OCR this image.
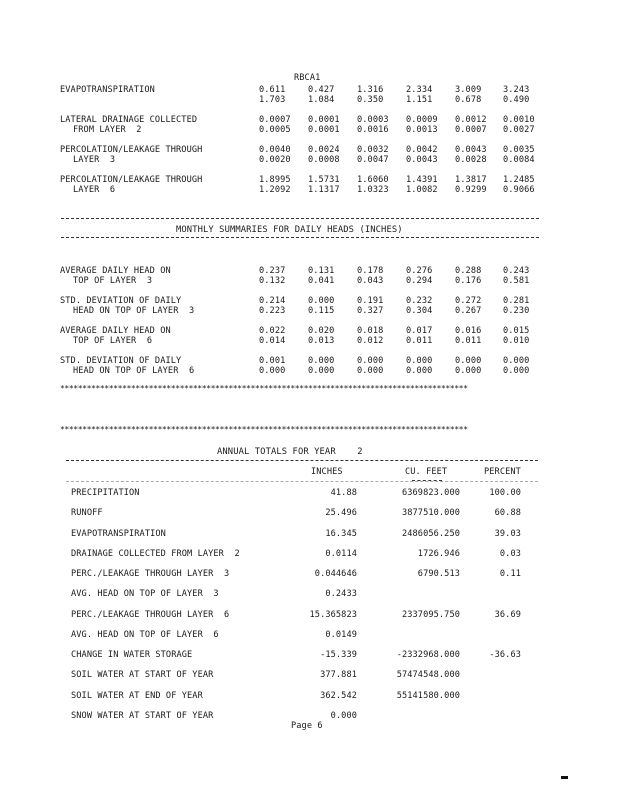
RBCA1
EVAPOTRANSPIRATION	0.611	0.427	1.316	2.334	3.009	3.243
1.703	1.084	0.350	1.151	0.678	0.490
LATERAL DRAINAGE COLLECTED
FROM LAYER  2
0.0007 0.0001 0.0003 0.0009 0.0012 0.0010
0.0005 0.0001 0.0016 0.0013 0.0007 0.0027
PERCOLATION/LEAKAGE THROUGH
LAYER  3
0.0040 0.0024 0.0032 0.0042 0.0043 0.0035
0.0020 0.0008 0.0047 0.0043 0.0028 0.0084
PERCOLATION/LEAKAGE THROUGH
LAYER  6
1.8995 1.5731 1.6060 1.4391 1.3817 1.2485
1.2092 1.1317 1.0323 1.0082 0.9299 0.9066
MONTHLY SUMMARIES FOR DAILY HEADS (INCHES)
AVERAGE DAILY HEAD ON
TOP OF LAYER  3
0.237	0.131	0.178	0.276	0.288	0.243
0.132	0.041	0.043	0.294	0.176	0.581
STD. DEVIATION OF DAILY
HEAD ON TOP OF LAYER  3
0.214	0.000	0.191	0.232	0.272	0.281
0.223	0.115	0.327	0.304	0.267	0.230
AVERAGE DAILY HEAD ON
TOP OF LAYER  6
0.022	0.020	0.018	0.017	0.016	0.015
0.014	0.013	0.012	0.011	0.011	0.010
STD. DEVIATION OF DAILY
HEAD ON TOP OF LAYER  6
0.001	0.000	0.000	0.000	0.000	0.000
0.000	0.000	0.000	0.000	0.000	0.000
********************************************************************************************
********************************************************************************************
ANNUAL TOTALS FOR YEAR    2
INCHES	CU. FEET	PERCENT
PRECIPITATION	41.88	6369823.000	100.00
RUNOFF	25.496	3877510.000	60.88
EVAPOTRANSPIRATION	16.345	2486056.250	39.03
DRAINAGE COLLECTED FROM LAYER  2	0.0114	1726.946	0.03
PERC./LEAKAGE THROUGH LAYER  3	0.044646	6790.513	0.11
AVG. HEAD ON TOP OF LAYER  3	0.2433
PERC./LEAKAGE THROUGH LAYER  6	15.365823	2337095.750	36.69
AVG. HEAD ON TOP OF LAYER  6	0.0149
CHANGE IN WATER STORAGE	-15.339	-2332968.000	-36.63
SOIL WATER AT START OF YEAR	377.881	57474548.000
SOIL WATER AT END OF YEAR	362.542	55141580.000
SNOW WATER AT START OF YEAR	0.000
Page 6
